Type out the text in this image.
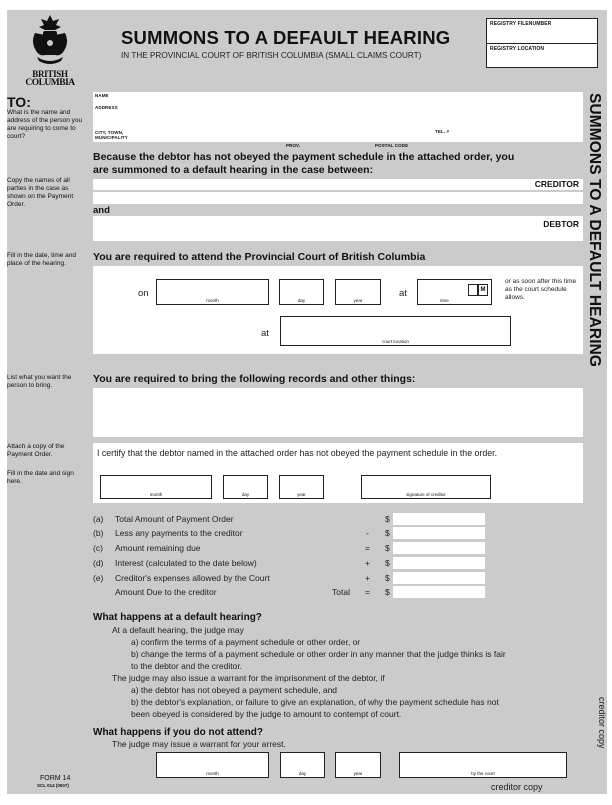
BRITISH
COLUMBIA
SUMMONS TO A DEFAULT HEARING
IN THE PROVINCIAL COURT OF BRITISH COLUMBIA (SMALL CLAIMS COURT)
REGISTRY FILENUMBER
REGISTRY LOCATION
SUMMONS TO A DEFAULT HEARING
TO:
What is the name and address of the person you are requiring to come to court?
NAME
ADDRESS
CITY, TOWN, MUNICIPALITY
TEL. #
PROV.	POSTAL CODE
Because the debtor has not obeyed the payment schedule in the attached order, you
are summoned to a default hearing in the case between:
Copy the names of all parties in the case as shown on the Payment Order.
CREDITOR
and
DEBTOR
Fill in the date, time and place of the hearing.
You are required to attend the Provincial Court of British Columbia
on
month	day	year
at
time
M
or as soon after this time as the court schedule allows.
at
court location
List what you want the person to bring.
You are required to bring the following records and other things:
Attach a copy of the Payment Order.
Fill in the date and sign here.
I certify that the debtor named in the attached order has not obeyed the payment schedule in the order.
month	day	year	signature of creditor
(a) Total Amount of Payment Order	$
(b) Less any payments to the creditor	- $
(c) Amount remaining due	= $
(d) Interest (calculated to the date below)	+ $
(e) Creditor's expenses allowed by the Court	+ $
Amount Due to the creditor	Total = $
What happens at a default hearing?
At a default hearing, the judge may
a) confirm the terms of a payment schedule or other order, or
b) change the terms of a payment schedule or other order in any manner that the judge thinks is fair
to the debtor and the creditor.
The judge may also issue a warrant for the imprisonment of the debtor, if
a) the debtor has not obeyed a payment schedule, and
b) the debtor's explanation, or failure to give an explanation, of why the payment schedule has not
been obeyed is considered by the judge to amount to contempt of court.
What happens if you do not attend?
The judge may issue a warrant for your arrest.
FORM 14
SCL 014 (0507)
month	day	year	by the court
creditor copy
creditor copy
